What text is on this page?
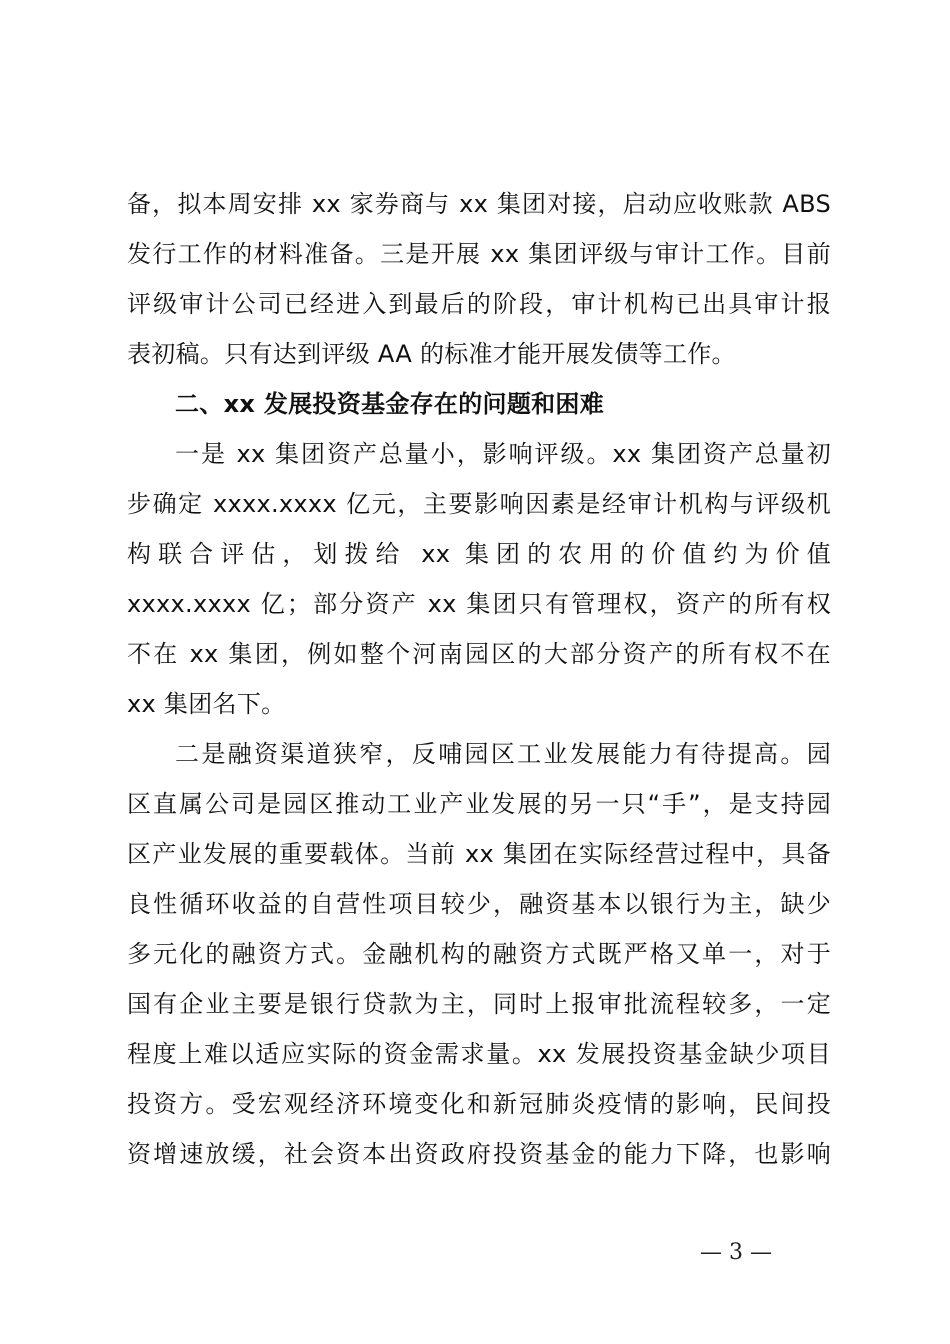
备，拟本周安排 xx 家券商与 xx 集团对接，启动应收账款 ABS
发行工作的材料准备。三是开展 xx 集团评级与审计工作。目前
评级审计公司已经进入到最后的阶段，审计机构已出具审计报
表初稿。只有达到评级 AA 的标准才能开展发债等工作。
二、xx 发展投资基金存在的问题和困难
一是 xx 集团资产总量小，影响评级。xx 集团资产总量初
步确定 xxxx.xxxx 亿元，主要影响因素是经审计机构与评级机
构联合评估，划拨给 xx 集团的农用的价值约为价值
xxxx.xxxx 亿；部分资产 xx 集团只有管理权，资产的所有权
不在 xx 集团，例如整个河南园区的大部分资产的所有权不在
xx 集团名下。
二是融资渠道狭窄，反哺园区工业发展能力有待提高。园
区直属公司是园区推动工业产业发展的另一只“手”，是支持园
区产业发展的重要载体。当前 xx 集团在实际经营过程中，具备
良性循环收益的自营性项目较少，融资基本以银行为主，缺少
多元化的融资方式。金融机构的融资方式既严格又单一，对于
国有企业主要是银行贷款为主，同时上报审批流程较多，一定
程度上难以适应实际的资金需求量。xx 发展投资基金缺少项目
投资方。受宏观经济环境变化和新冠肺炎疫情的影响，民间投
资增速放缓，社会资本出资政府投资基金的能力下降，也影响
— 3 —
